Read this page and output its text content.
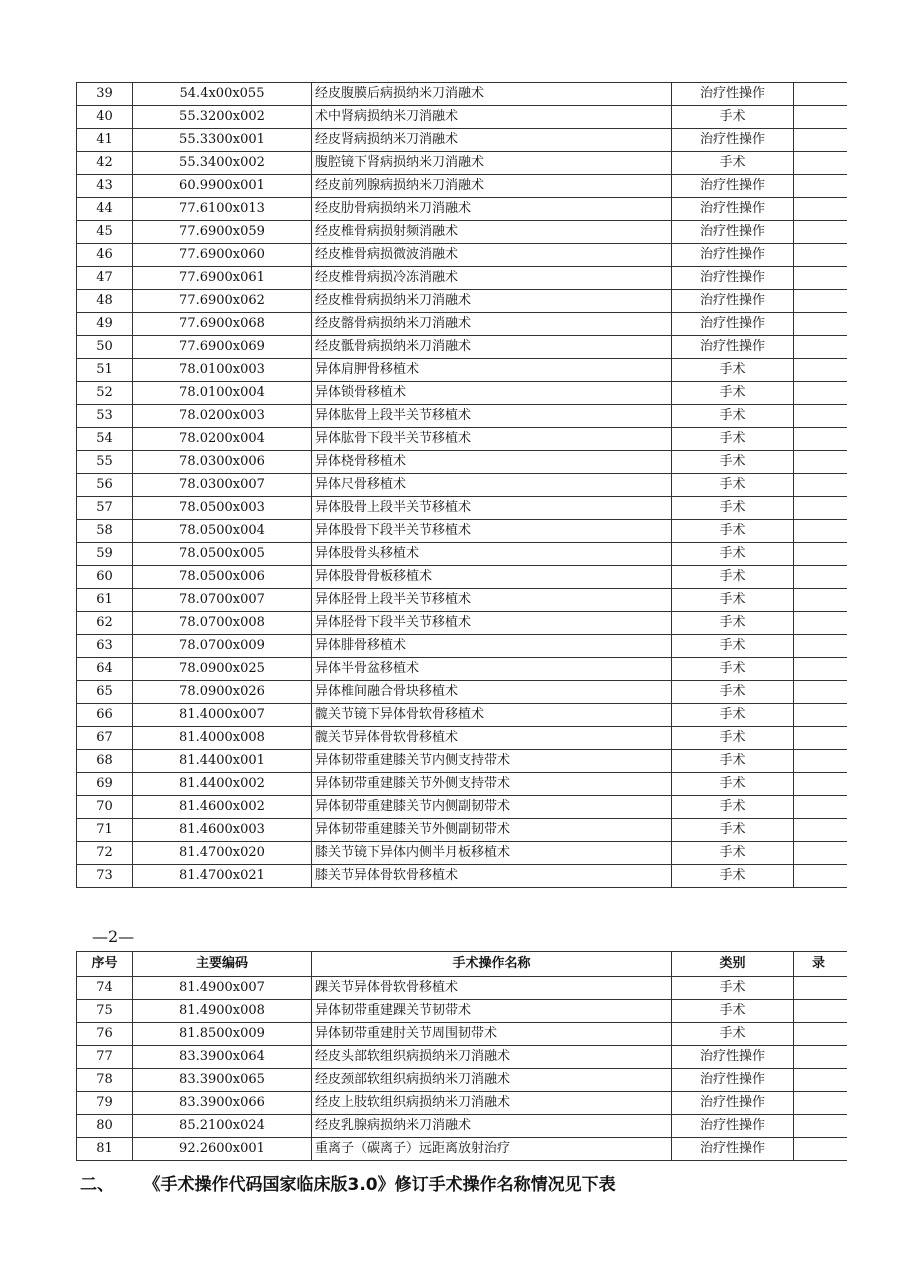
39	54.4x00x055	经皮腹膜后病损纳米刀消融术	治疗性操作	
40	55.3200x002	术中肾病损纳米刀消融术	手术	
41	55.3300x001	经皮肾病损纳米刀消融术	治疗性操作	
42	55.3400x002	腹腔镜下肾病损纳米刀消融术	手术	
43	60.9900x001	经皮前列腺病损纳米刀消融术	治疗性操作	
44	77.6100x013	经皮肋骨病损纳米刀消融术	治疗性操作	
45	77.6900x059	经皮椎骨病损射频消融术	治疗性操作	
46	77.6900x060	经皮椎骨病损微波消融术	治疗性操作	
47	77.6900x061	经皮椎骨病损冷冻消融术	治疗性操作	
48	77.6900x062	经皮椎骨病损纳米刀消融术	治疗性操作	
49	77.6900x068	经皮髂骨病损纳米刀消融术	治疗性操作	
50	77.6900x069	经皮骶骨病损纳米刀消融术	治疗性操作	
51	78.0100x003	异体肩胛骨移植术	手术	
52	78.0100x004	异体锁骨移植术	手术	
53	78.0200x003	异体肱骨上段半关节移植术	手术	
54	78.0200x004	异体肱骨下段半关节移植术	手术	
55	78.0300x006	异体桡骨移植术	手术	
56	78.0300x007	异体尺骨移植术	手术	
57	78.0500x003	异体股骨上段半关节移植术	手术	
58	78.0500x004	异体股骨下段半关节移植术	手术	
59	78.0500x005	异体股骨头移植术	手术	
60	78.0500x006	异体股骨骨板移植术	手术	
61	78.0700x007	异体胫骨上段半关节移植术	手术	
62	78.0700x008	异体胫骨下段半关节移植术	手术	
63	78.0700x009	异体腓骨移植术	手术	
64	78.0900x025	异体半骨盆移植术	手术	
65	78.0900x026	异体椎间融合骨块移植术	手术	
66	81.4000x007	髋关节镜下异体骨软骨移植术	手术	
67	81.4000x008	髋关节异体骨软骨移植术	手术	
68	81.4400x001	异体韧带重建膝关节内侧支持带术	手术	
69	81.4400x002	异体韧带重建膝关节外侧支持带术	手术	
70	81.4600x002	异体韧带重建膝关节内侧副韧带术	手术	
71	81.4600x003	异体韧带重建膝关节外侧副韧带术	手术	
72	81.4700x020	膝关节镜下异体内侧半月板移植术	手术	
73	81.4700x021	膝关节异体骨软骨移植术	手术	
—2—
序号	主要编码	手术操作名称	类别	录
74	81.4900x007	踝关节异体骨软骨移植术	手术	
75	81.4900x008	异体韧带重建踝关节韧带术	手术	
76	81.8500x009	异体韧带重建肘关节周围韧带术	手术	
77	83.3900x064	经皮头部软组织病损纳米刀消融术	治疗性操作	
78	83.3900x065	经皮颈部软组织病损纳米刀消融术	治疗性操作	
79	83.3900x066	经皮上肢软组织病损纳米刀消融术	治疗性操作	
80	85.2100x024	经皮乳腺病损纳米刀消融术	治疗性操作	
81	92.2600x001	重离子（碳离子）远距离放射治疗	治疗性操作	
二、 《手术操作代码国家临床版3.0》修订手术操作名称情况见下表
